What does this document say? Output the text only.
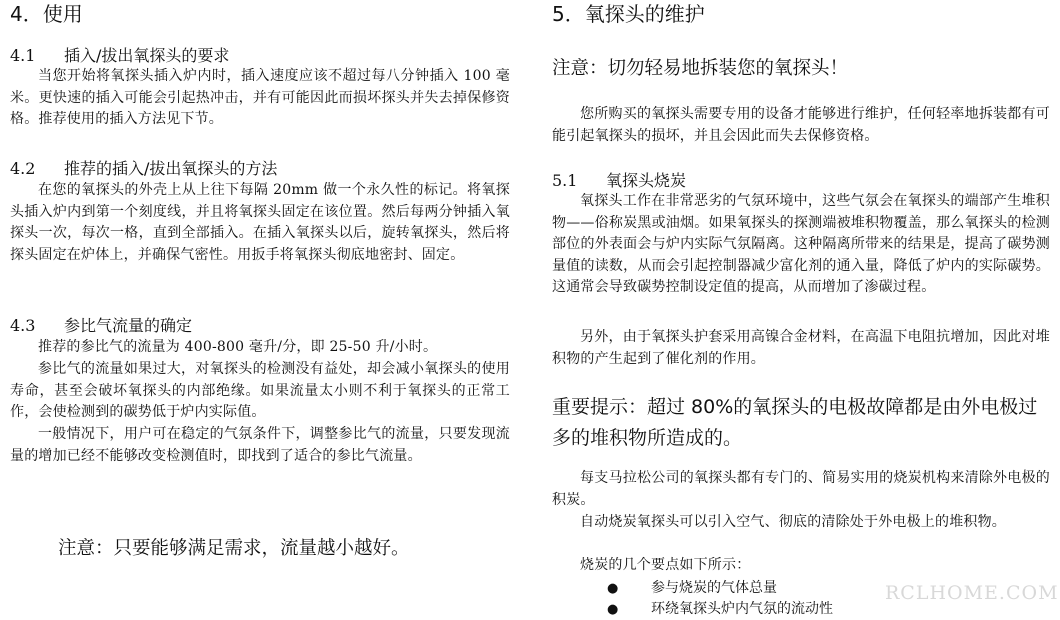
4．使用
4.1 插入/拔出氧探头的要求
当您开始将氧探头插入炉内时，插入速度应该不超过每八分钟插入 100 毫米。更快速的插入可能会引起热冲击，并有可能因此而损坏探头并失去掉保修资格。推荐使用的插入方法见下节。
4.2 推荐的插入/拔出氧探头的方法
在您的氧探头的外壳上从上往下每隔 20mm 做一个永久性的标记。将氧探头插入炉内到第一个刻度线，并且将氧探头固定在该位置。然后每两分钟插入氧探头一次，每次一格，直到全部插入。在插入氧探头以后，旋转氧探头，然后将探头固定在炉体上，并确保气密性。用扳手将氧探头彻底地密封、固定。
4.3 参比气流量的确定
推荐的参比气的流量为 400-800 毫升/分，即 25-50 升/小时。
参比气的流量如果过大，对氧探头的检测没有益处，却会减小氧探头的使用寿命，甚至会破坏氧探头的内部绝缘。如果流量太小则不利于氧探头的正常工作，会使检测到的碳势低于炉内实际值。
一般情况下，用户可在稳定的气氛条件下，调整参比气的流量，只要发现流量的增加已经不能够改变检测值时，即找到了适合的参比气流量。
注意：只要能够满足需求，流量越小越好。
5．氧探头的维护
注意：切勿轻易地拆装您的氧探头！
您所购买的氧探头需要专用的设备才能够进行维护，任何轻率地拆装都有可能引起氧探头的损坏，并且会因此而失去保修资格。
5.1 氧探头烧炭
氧探头工作在非常恶劣的气氛环境中，这些气氛会在氧探头的端部产生堆积物——俗称炭黑或油烟。如果氧探头的探测端被堆积物覆盖，那么氧探头的检测部位的外表面会与炉内实际气氛隔离。这种隔离所带来的结果是，提高了碳势测量值的读数，从而会引起控制器减少富化剂的通入量，降低了炉内的实际碳势。这通常会导致碳势控制设定值的提高，从而增加了渗碳过程。
另外，由于氧探头护套采用高镍合金材料，在高温下电阻抗增加，因此对堆积物的产生起到了催化剂的作用。
重要提示：超过 80%的氧探头的电极故障都是由外电极过多的堆积物所造成的。
每支马拉松公司的氧探头都有专门的、简易实用的烧炭机构来清除外电极的积炭。
自动烧炭氧探头可以引入空气、彻底的清除处于外电极上的堆积物。
烧炭的几个要点如下所示：
● 参与烧炭的气体总量
● 环绕氧探头炉内气氛的流动性
RCLHOME.COM
